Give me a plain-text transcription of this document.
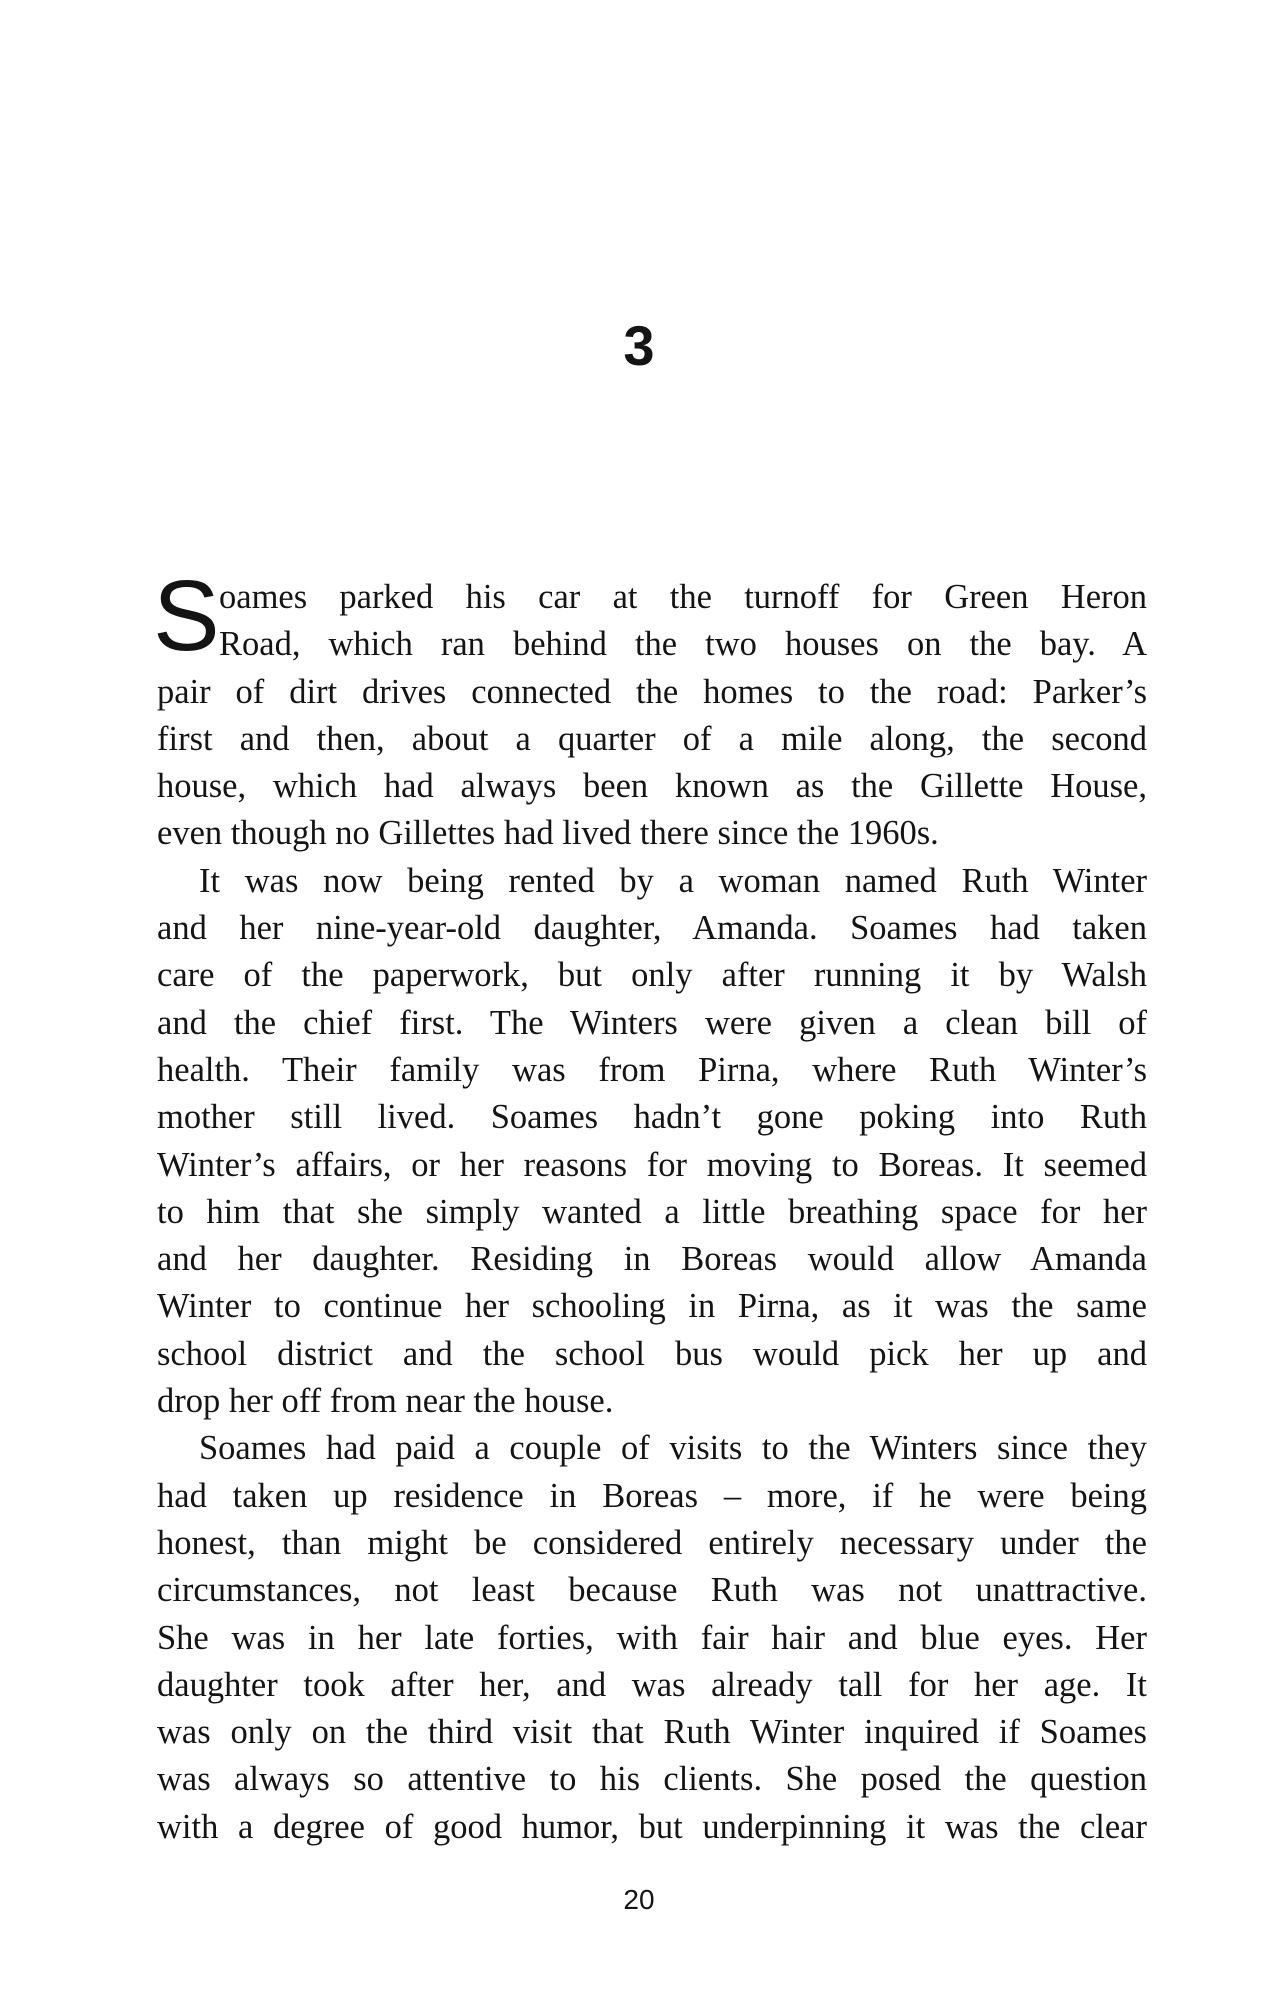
3
S oames parked his car at the turnoff for Green Heron
Road, which ran behind the two houses on the bay. A
pair of dirt drives connected the homes to the road: Parker’s
first and then, about a quarter of a mile along, the second
house, which had always been known as the Gillette House,
even though no Gillettes had lived there since the 1960s.
It was now being rented by a woman named Ruth Winter
and her nine-year-old daughter, Amanda. Soames had taken
care of the paperwork, but only after running it by Walsh
and the chief first. The Winters were given a clean bill of
health. Their family was from Pirna, where Ruth Winter’s
mother still lived. Soames hadn’t gone poking into Ruth
Winter’s affairs, or her reasons for moving to Boreas. It seemed
to him that she simply wanted a little breathing space for her
and her daughter. Residing in Boreas would allow Amanda
Winter to continue her schooling in Pirna, as it was the same
school district and the school bus would pick her up and
drop her off from near the house.
Soames had paid a couple of visits to the Winters since they
had taken up residence in Boreas – more, if he were being
honest, than might be considered entirely necessary under the
circumstances, not least because Ruth was not unattractive.
She was in her late forties, with fair hair and blue eyes. Her
daughter took after her, and was already tall for her age. It
was only on the third visit that Ruth Winter inquired if Soames
was always so attentive to his clients. She posed the question
with a degree of good humor, but underpinning it was the clear
20
